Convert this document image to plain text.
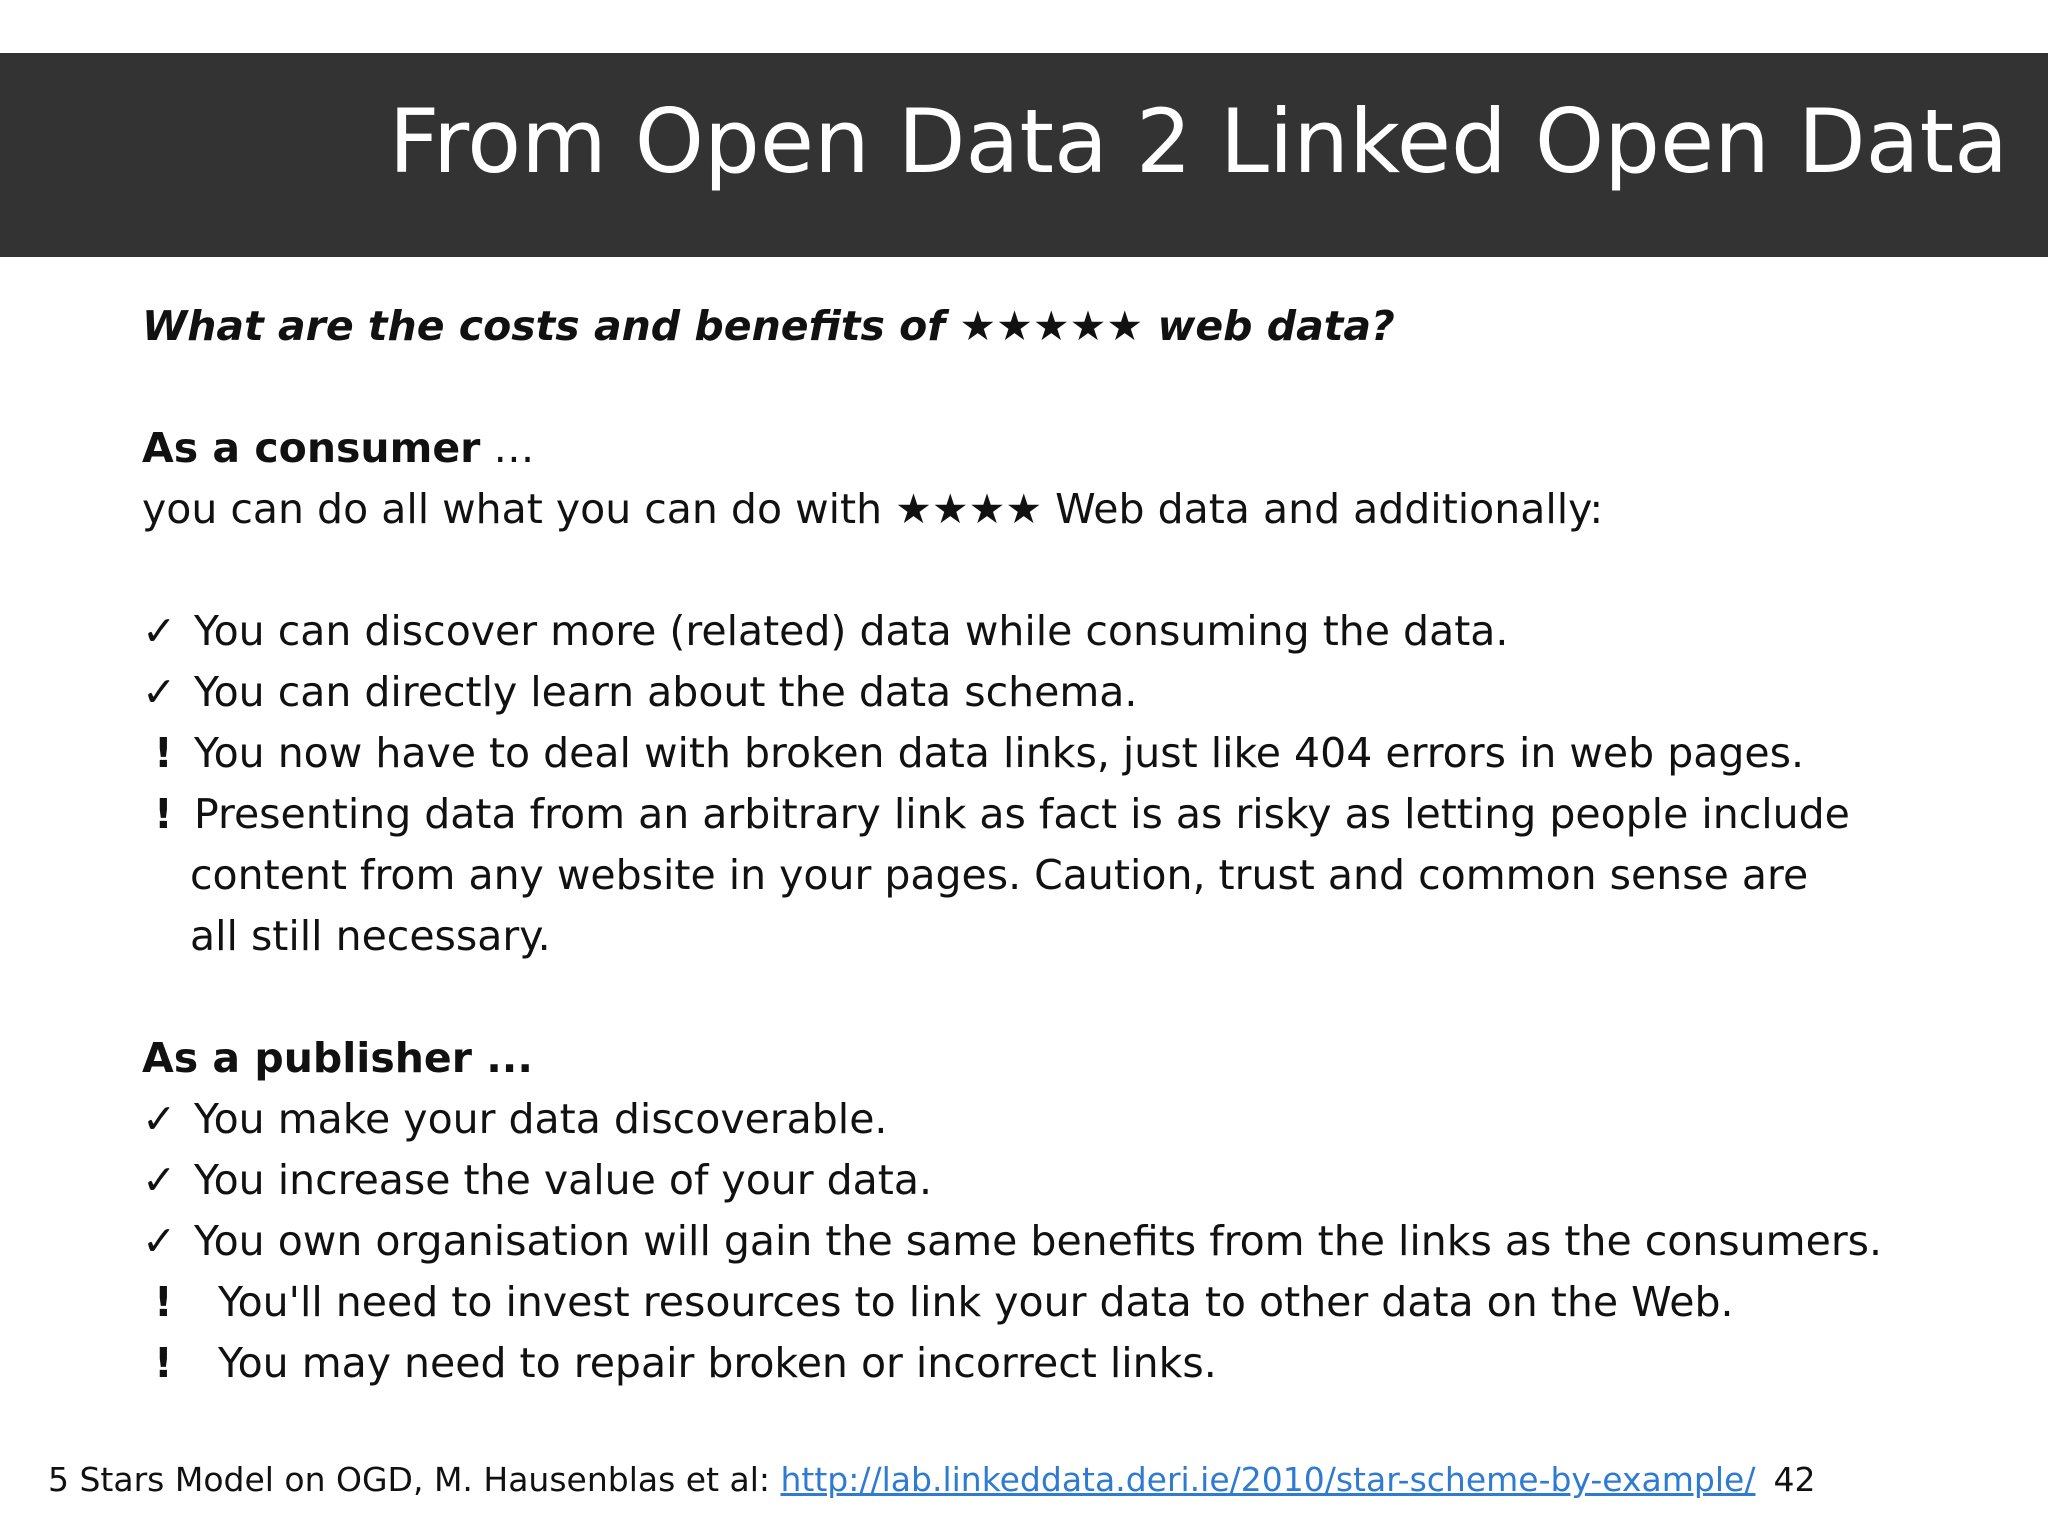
From Open Data 2 Linked Open Data
What are the costs and benefits of ★★★★★ web data?
As a consumer …
you can do all what you can do with ★★★★ Web data and additionally:
✓ You can discover more (related) data while consuming the data.
✓ You can directly learn about the data schema.
! You now have to deal with broken data links, just like 404 errors in web pages.
! Presenting data from an arbitrary link as fact is as risky as letting people include
content from any website in your pages. Caution, trust and common sense are
all still necessary.
As a publisher ...
✓ You make your data discoverable.
✓ You increase the value of your data.
✓ You own organisation will gain the same benefits from the links as the consumers.
! You'll need to invest resources to link your data to other data on the Web.
! You may need to repair broken or incorrect links.
5 Stars Model on OGD, M. Hausenblas et al: http://lab.linkeddata.deri.ie/2010/star-scheme-by-example/ 42
